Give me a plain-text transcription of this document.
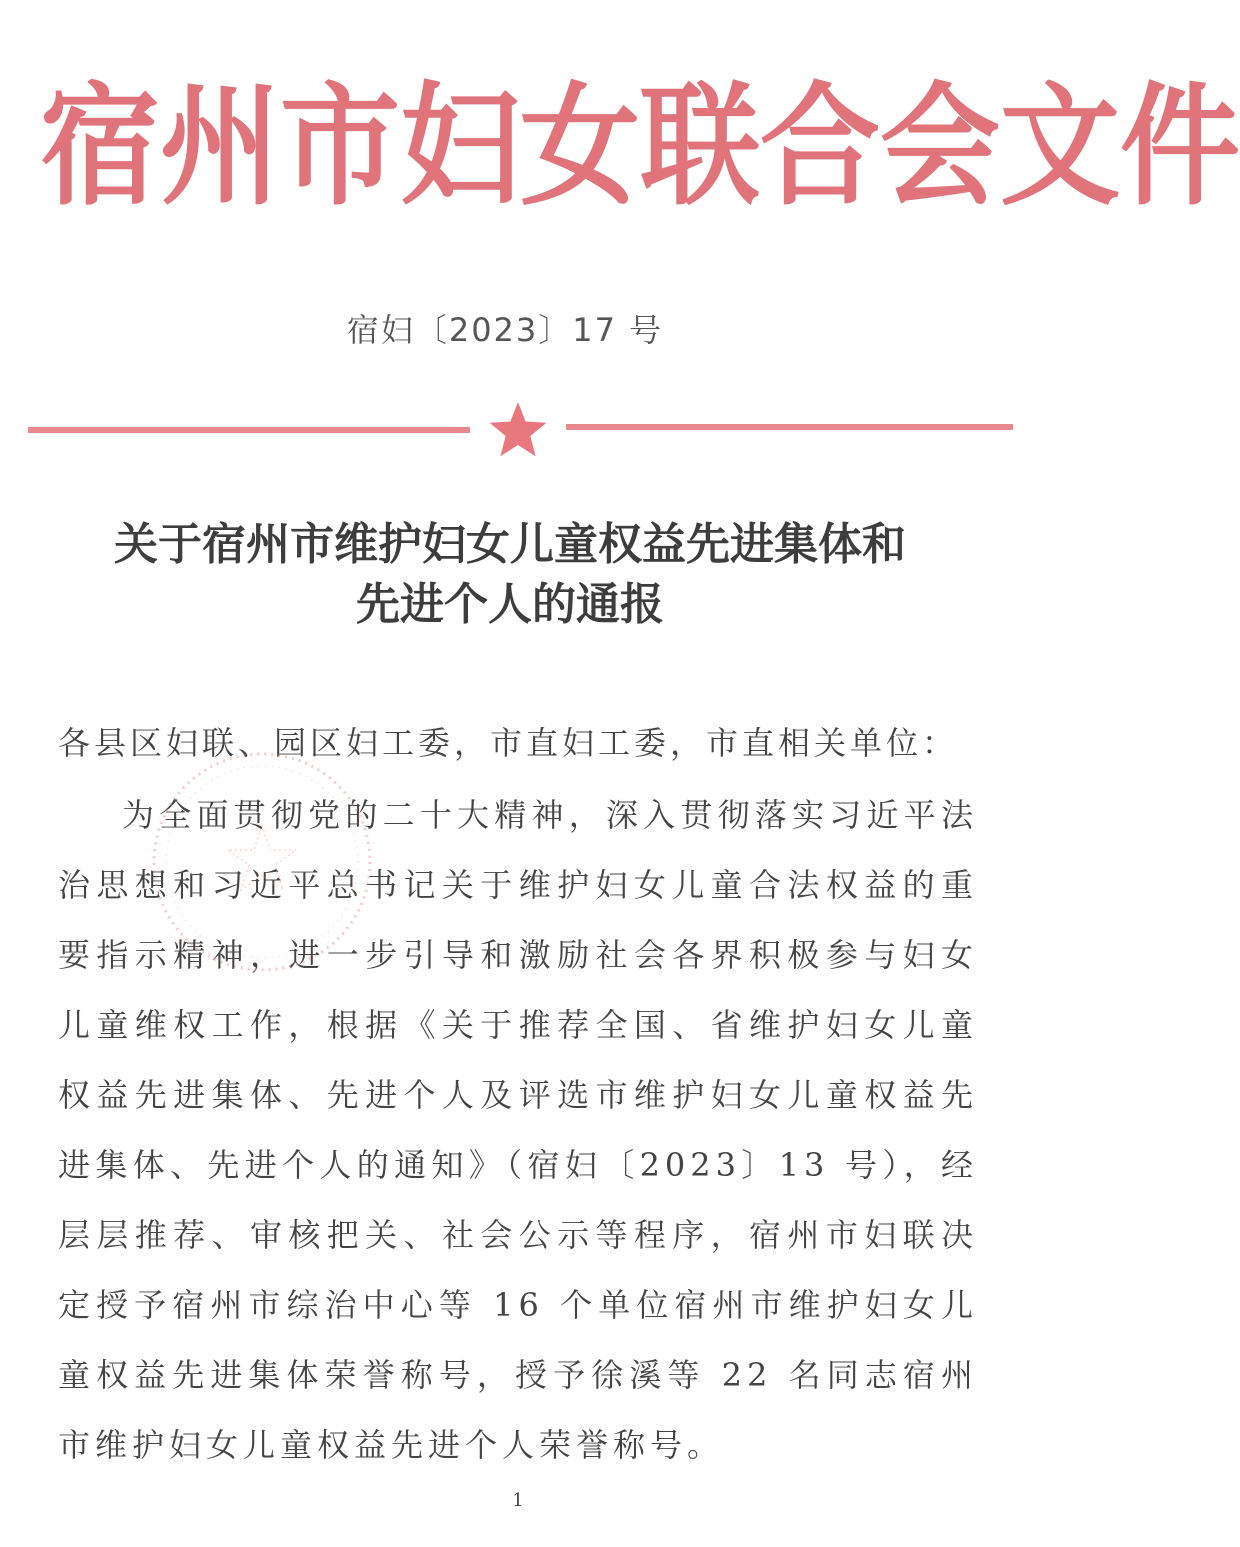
宿 州 市 妇 女 联 合 会 文 件
宿妇〔2023〕17 号
关于宿州市维护妇女儿童权益先进集体和
先进个人的通报
各县区妇联、园区妇工委，市直妇工委，市直相关单位：
为全面贯彻党的二十大精神，深入贯彻落实习近平法治思想和习近平总书记关于维护妇女儿童合法权益的重要指示精神，进一步引导和激励社会各界积极参与妇女儿童维权工作，根据《关于推荐全国、省维护妇女儿童权益先进集体、先进个人及评选市维护妇女儿童权益先进集体、先进个人的通知》（宿妇〔2023〕13 号），经层层推荐、审核把关、社会公示等程序，宿州市妇联决定授予宿州市综治中心等 16 个单位宿州市维护妇女儿童权益先进集体荣誉称号，授予徐溪等 22 名同志宿州市维护妇女儿童权益先进个人荣誉称号。
1
